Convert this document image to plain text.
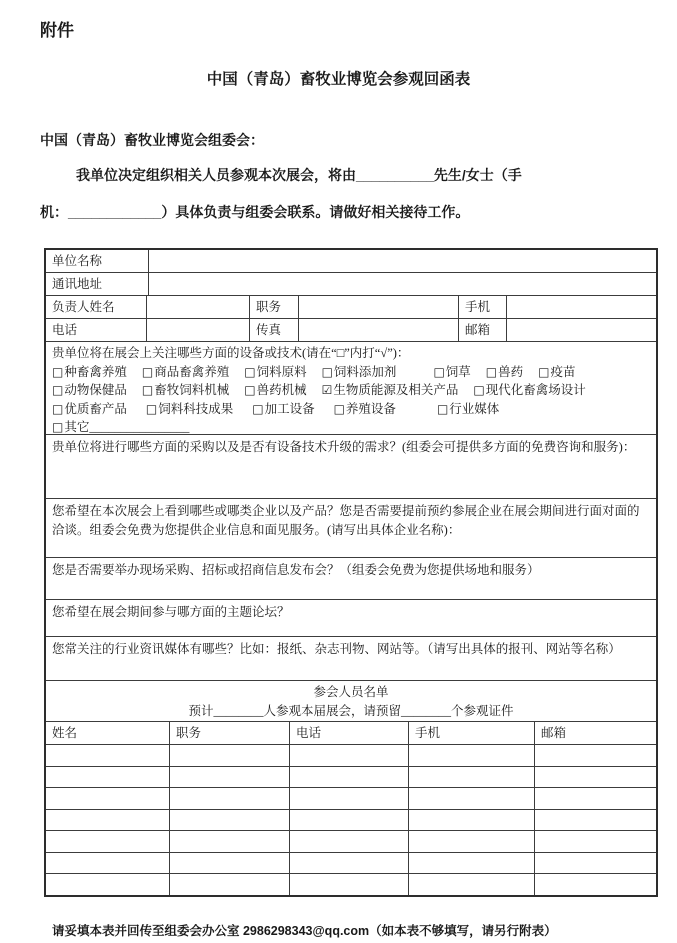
附件
中国（青岛）畜牧业博览会参观回函表
中国（青岛）畜牧业博览会组委会：
我单位决定组织相关人员参观本次展会，将由__________先生/女士（手
机：____________）具体负责与组委会联系。请做好相关接待工作。
单位名称
通讯地址
负责人姓名	职务	手机
电话	传真	邮箱
贵单位将在展会上关注哪些方面的设备或技术(请在“□”内打“√”)：
□ 种畜禽养殖 □ 商品畜禽养殖 □ 饲料原料 □ 饲料添加剂	□ 饲草 □ 兽药 □ 疫苗
□ 动物保健品 □ 畜牧饲料机械 □ 兽药机械 ☑ 生物质能源及相关产品 □ 现代化畜禽场设计
□ 优质畜产品 □ 饲料科技成果 □ 加工设备 □ 养殖设备	□ 行业媒体
□ 其它________________
贵单位将进行哪些方面的采购以及是否有设备技术升级的需求？(组委会可提供多方面的免费咨询和服务)：
您希望在本次展会上看到哪些或哪类企业以及产品？您是否需要提前预约参展企业在展会期间进行面对面的洽谈。组委会免费为您提供企业信息和面见服务。(请写出具体企业名称)：
您是否需要举办现场采购、招标或招商信息发布会？（组委会免费为您提供场地和服务）
您希望在展会期间参与哪方面的主题论坛？
您常关注的行业资讯媒体有哪些？比如：报纸、杂志刊物、网站等。（请写出具体的报刊、网站等名称）
参会人员名单
预计________人参观本届展会，请预留________个参观证件
姓名	职务	电话	手机	邮箱
请妥填本表并回传至组委会办公室 2986298343@qq.com（如本表不够填写，请另行附表）
